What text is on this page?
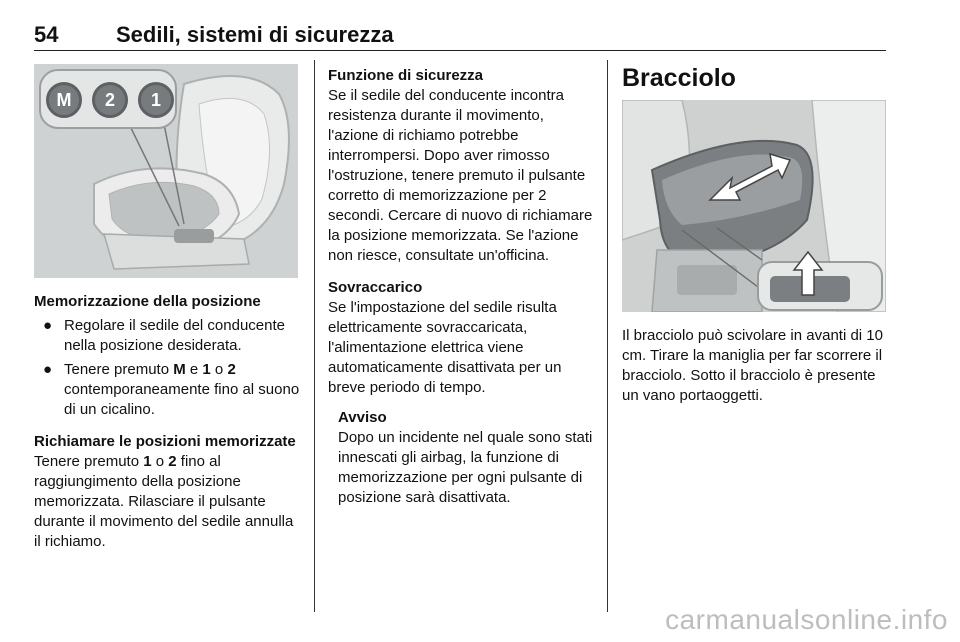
54	Sedili, sistemi di sicurezza
M	2	1

Memorizzazione della posizione

● Regolare il sedile del conducente nella posizione desiderata.
● Tenere premuto M e 1 o 2 contemporaneamente fino al suono di un cicalino.

Richiamare le posizioni memorizzate

Tenere premuto 1 o 2 fino al raggiungimento della posizione memorizzata. Rilasciare il pulsante durante il movimento del sedile annulla il richiamo.

Funzione di sicurezza

Se il sedile del conducente incontra resistenza durante il movimento, l'azione di richiamo potrebbe interrompersi. Dopo aver rimosso l'ostruzione, tenere premuto il pulsante corretto di memorizzazione per 2 secondi. Cercare di nuovo di richiamare la posizione memorizzata. Se l'azione non riesce, consultate un'officina.

Sovraccarico

Se l'impostazione del sedile risulta elettricamente sovraccaricata, l'alimentazione elettrica viene automaticamente disattivata per un breve periodo di tempo.

Avviso

Dopo un incidente nel quale sono stati innescati gli airbag, la funzione di memorizzazione per ogni pulsante di posizione sarà disattivata.

Bracciolo

Il bracciolo può scivolare in avanti di 10 cm. Tirare la maniglia per far scorrere il bracciolo. Sotto il bracciolo è presente un vano portaoggetti.

carmanualsonline.info
